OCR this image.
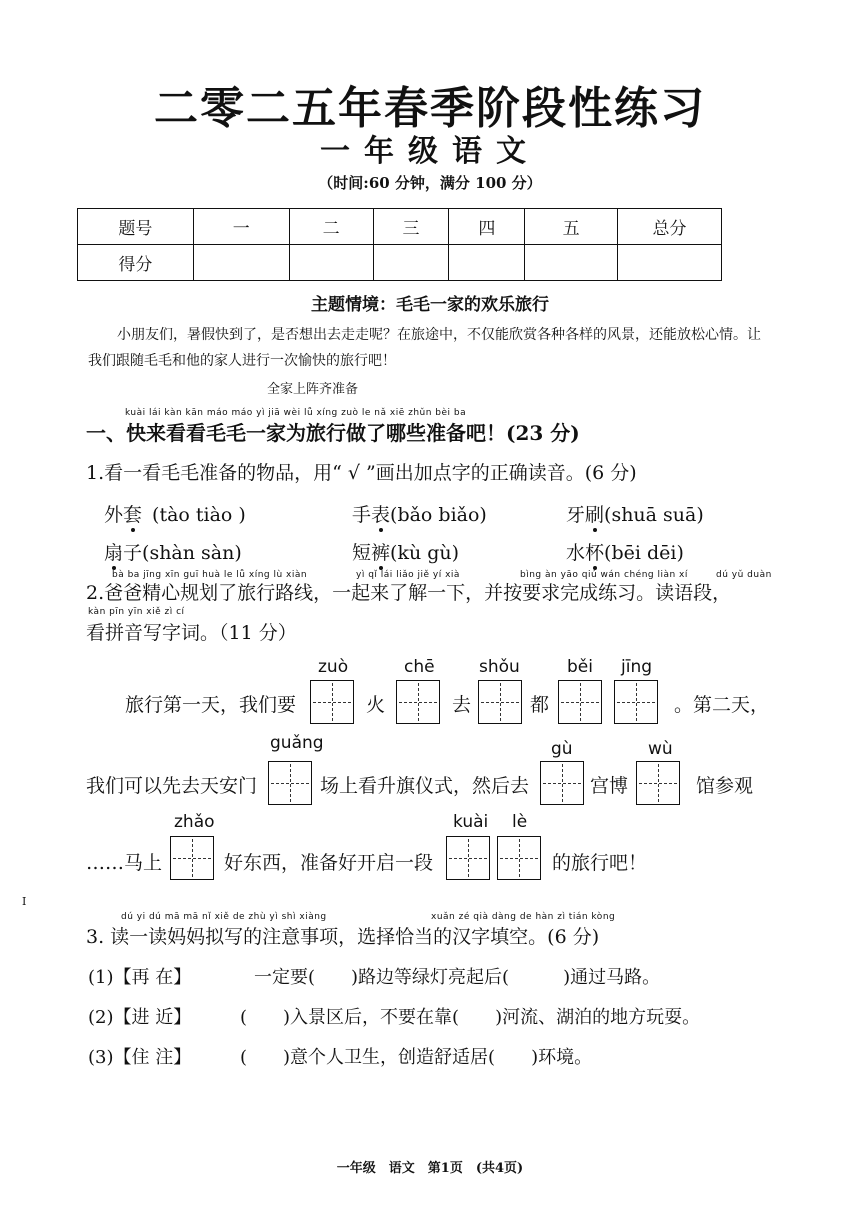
二零二五年春季阶段性练习
一年级语文
（时间:60 分钟，满分 100 分）
题号	一	二	三	四	五	总分
得分						
主题情境：毛毛一家的欢乐旅行
小朋友们，暑假快到了，是否想出去走走呢？在旅途中，不仅能欣赏各种各样的风景，还能放松心情。让
我们跟随毛毛和他的家人进行一次愉快的旅行吧！
全家上阵齐准备
kuài lái kàn kān máo máo yì jiā wèi lǚ xíng zuò le nǎ xiē zhǔn bèi ba
一、快来看看毛毛一家为旅行做了哪些准备吧！(23 分)
1.看一看毛毛准备的物品，用“ √ ”画出加点字的正确读音。(6 分)
外套 (tào tiào )	手表(bǎo biǎo)	牙刷(shuā suā)
扇子(shàn sàn)	短裤(kù gù)	水杯(bēi dēi)
bà ba jīng xīn guī huà le lǚ xíng lù xiàn	yì qǐ lái liǎo jiě yí xià	bìng àn yāo qiú wán chéng liàn xí	dú yǔ duàn
2.爸爸精心规划了旅行路线，一起来了解一下，并按要求完成练习。读语段，
kàn pīn yīn xiě zì cí
看拼音写字词。（11 分）
zuò	chē	shǒu	běi jīng
旅行第一天，我们要	火	去	都	。第二天，
guǎng	gù	wù
我们可以先去天安门	场上看升旗仪式，然后去	宫博	馆参观
zhǎo	kuài lè
……马上	好东西，准备好开启一段	的旅行吧！
I
dú yi dú mā mā nǐ xiě de zhù yì shì xiàng	xuǎn zé qià dàng de hàn zì tián kòng
3. 读一读妈妈拟写的注意事项，选择恰当的汉字填空。(6 分)
(1)【再 在】	一定要(　　)路边等绿灯亮起后(　　　)通过马路。
(2)【进 近】	(　　)入景区后，不要在靠(　　)河流、湖泊的地方玩耍。
(3)【住 注】	(　　)意个人卫生，创造舒适居(　　)环境。
一年级　语文　第1页　(共4页)
